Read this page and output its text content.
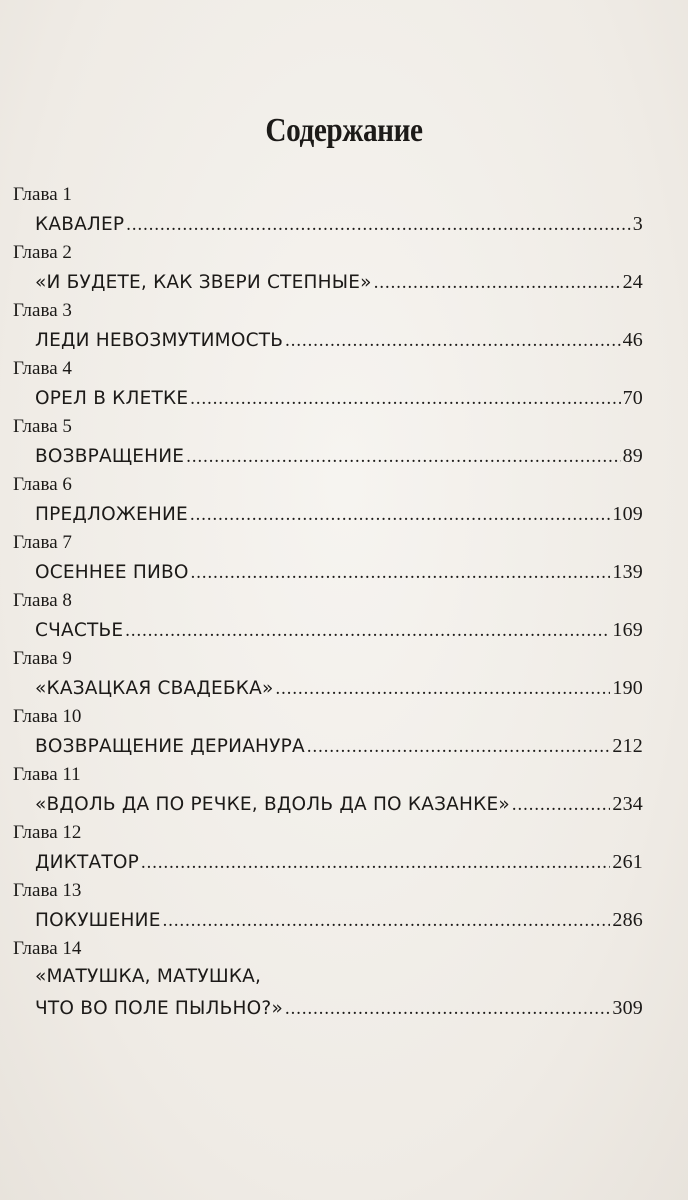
Содержание
Глава 1
КАВАЛЕР .....	3
Глава 2
«И БУДЕТЕ, КАК ЗВЕРИ СТЕПНЫЕ» .....	24
Глава 3
ЛЕДИ НЕВОЗМУТИМОСТЬ .....	46
Глава 4
ОРЕЛ В КЛЕТКЕ .....	70
Глава 5
ВОЗВРАЩЕНИЕ .....	89
Глава 6
ПРЕДЛОЖЕНИЕ .....	109
Глава 7
ОСЕННЕЕ ПИВО .....	139
Глава 8
СЧАСТЬЕ .....	169
Глава 9
«КАЗАЦКАЯ СВАДЕБКА» .....	190
Глава 10
ВОЗВРАЩЕНИЕ ДЕРИАНУРА .....	212
Глава 11
«ВДОЛЬ ДА ПО РЕЧКЕ, ВДОЛЬ ДА ПО КАЗАНКЕ» .....	234
Глава 12
ДИКТАТОР .....	261
Глава 13
ПОКУШЕНИЕ .....	286
Глава 14
«МАТУШКА, МАТУШКА,
ЧТО ВО ПОЛЕ ПЫЛЬНО?» .....	309
